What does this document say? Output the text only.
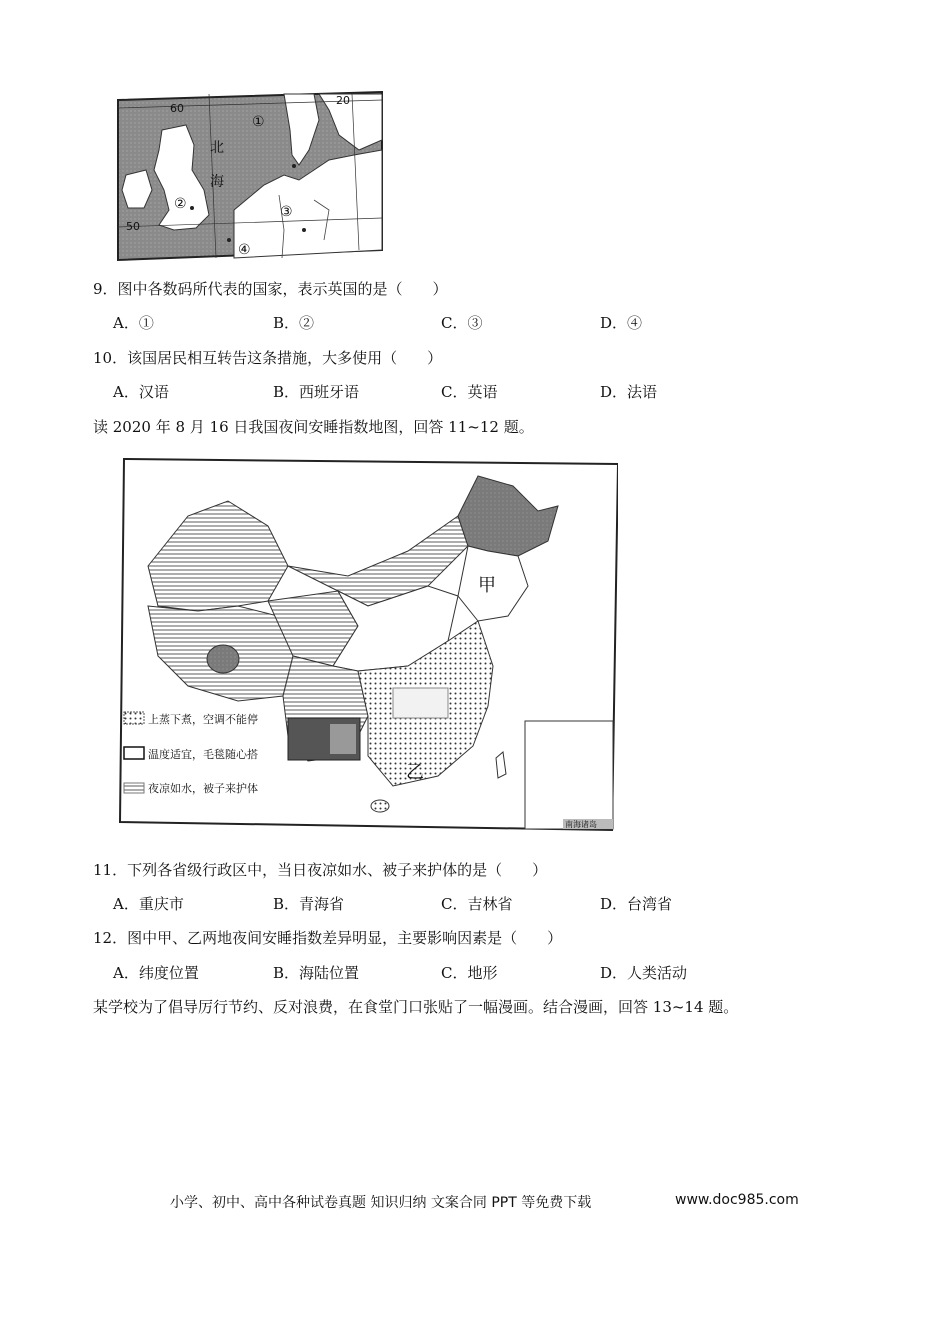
60
20
50
北
海
①
②	③
④
9．图中各数码所代表的国家，表示英国的是（　　）
A．①	B．②	C．③	D．④
10．该国居民相互转告这条措施，大多使用（　　）
A．汉语	B．西班牙语	C．英语	D．法语
读 2020 年 8 月 16 日我国夜间安睡指数地图，回答 11~12 题。
南海诸岛
甲
乙
上蒸下煮，空调不能停
温度适宜，毛毯随心搭
夜凉如水，被子来护体
11．下列各省级行政区中，当日夜凉如水、被子来护体的是（　　）
A．重庆市	B．青海省	C．吉林省	D．台湾省
12．图中甲、乙两地夜间安睡指数差异明显，主要影响因素是（　　）
A．纬度位置	B．海陆位置	C．地形	D．人类活动
某学校为了倡导厉行节约、反对浪费，在食堂门口张贴了一幅漫画。结合漫画，回答 13~14 题。
小学、初中、高中各种试卷真题 知识归纳 文案合同 PPT 等免费下载	www.doc985.com
